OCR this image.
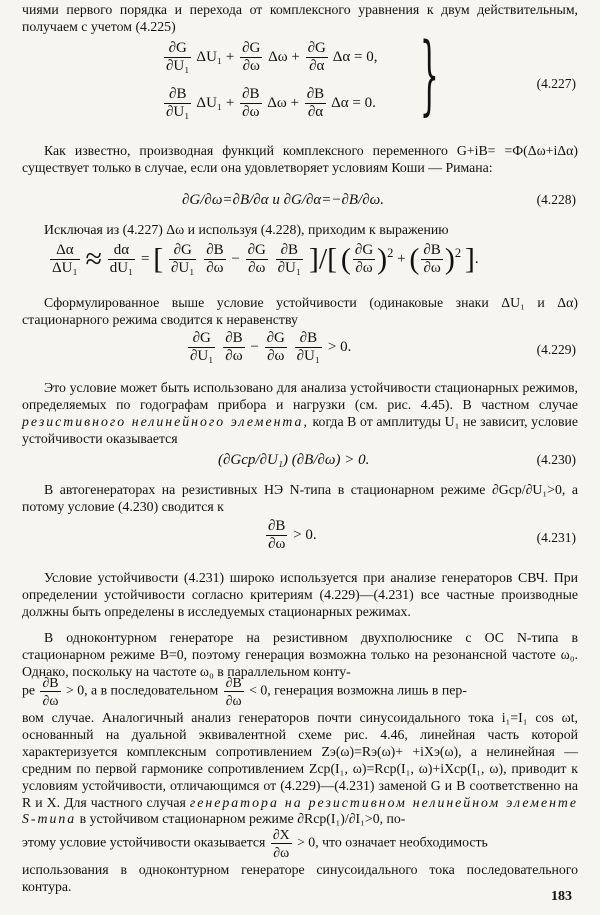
чиями первого порядка и перехода от комплексного уравнения к двум действительным, получаем с учетом (4.225)

$\frac{\partial G}{\text{∂U₁}} \Delta U_1 + \frac{\partial G}{\partial\omega}$ $\Delta\omega + \frac{\partial G}{\partial\alpha}$ Δα = 0,
$\frac{\partial B}{\text{∂U₁}} \Delta U_1 + \frac{\partial B}{\partial\omega}$ $\Delta\omega + \frac{\partial B}{\partial\alpha}$ Δα = 0. }	(4.227)

Как известно, производная функций комплексного переменного G+iB= =Ф(Δω+iΔα) существует только в случае, если она удовлетворяет условиям Коши — Римана:

∂G/∂ω=∂B/∂α и ∂G/∂α=−∂B/∂ω.	(4.228)

Исключая из (4.227) Δω и используя (4.228), приходим к выражению

$\frac{\Delta\alpha}{\text{ΔU₁}} \approx \frac{d\alpha}{\text{dU₁}}$ = [ $\frac{\partial G}{\text{∂U₁}}$
$\frac{\partial B}{\partial\omega} - \frac{\partial G}{\partial\omega}$
$\frac{\partial B}{\text{∂U₁}}$ ]/[ ( $\frac{\partial G}{\partial\omega} )^2$ + ( $\frac{\partial B}{\partial\omega} )^2$ ].

Сформулированное выше условие устойчивости (одинаковые знаки ΔU₁ и Δα) стационарного режима сводится к неравенству

$\frac{\partial G}{\text{∂U₁}}$
$\frac{\partial B}{\partial\omega} - \frac{\partial G}{\partial\omega}$
$\frac{\partial B}{\text{∂U₁}} > 0$.	(4.229)

Это условие может быть использовано для анализа устойчивости стационарных режимов, определяемых по годографам прибора и нагрузки (см. рис. 4.45). В частном случае резистивного нелинейного элемента, когда B от амплитуды U₁ не зависит, условие устойчивости оказывается

(∂Gср/∂U₁) (∂B/∂ω) > 0.	(4.230)

В автогенераторах на резистивных НЭ N-типа в стационарном режиме ∂Gср/∂U₁>0, а потому условие (4.230) сводится к

$\frac{\partial B}{\partial\omega} > 0$.	(4.231)

Условие устойчивости (4.231) широко используется при анализе генераторов СВЧ. При определении устойчивости согласно критериям (4.229)—(4.231) все частные производные должны быть определены в исследуемых стационарных режимах.

В одноконтурном генераторе на резистивном двухполюснике с ОС N-типа в стационарном режиме B=0, поэтому генерация возможна только на резонансной частоте ω₀. Однако, поскольку на частоте ω₀ в параллельном конту-

ре $\frac{\partial B}{\partial\omega} > 0$, а в последовательном $\frac{\partial B}{\partial\omega} < 0$, генерация возможна лишь в пер-

вом случае. Аналогичный анализ генераторов почти синусоидального тока i₁=I₁ cos ωt, основанный на дуальной эквивалентной схеме рис. 4.46, линейная часть которой характеризуется комплексным сопротивлением Zэ(ω)=Rэ(ω)+ +iXэ(ω), а нелинейная — средним по первой гармонике сопротивлением Zср(I₁, ω)=Rср(I₁, ω)+iXср(I₁, ω), приводит к условиям устойчивости, отличающимся от (4.229)—(4.231) заменой G и B соответственно на R и X. Для частного случая генератора на резистивном нелинейном элементе S-типа в устойчивом стационарном режиме ∂Rср(I₁)/∂I₁>0, по-

этому условие устойчивости оказывается $\frac{\partial X}{\partial\omega} > 0$, что означает необходимость

использования в одноконтурном генераторе синусоидального тока последовательного контура.

183
